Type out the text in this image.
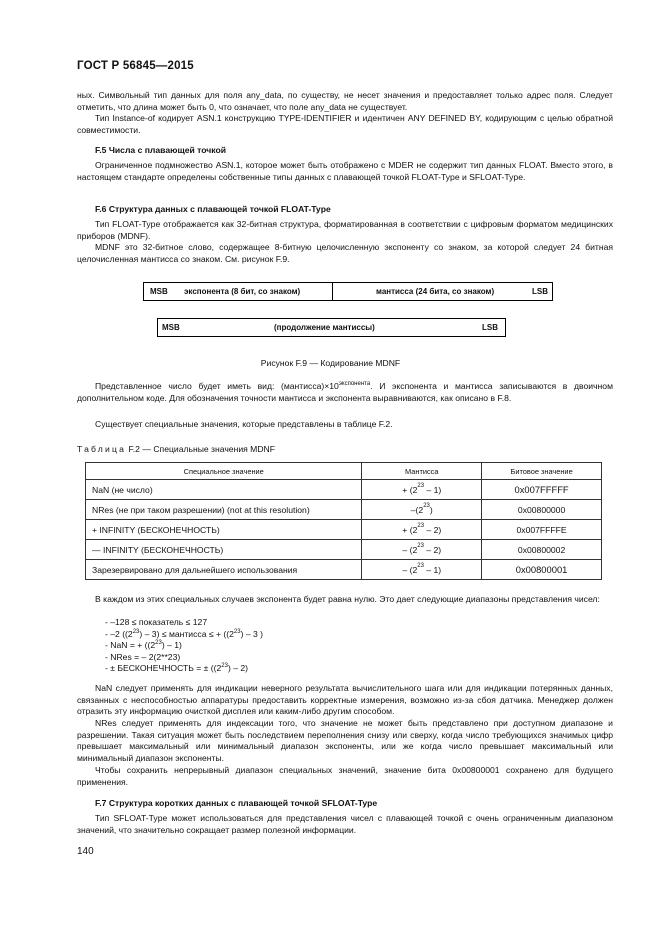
ГОСТ Р 56845—2015
ных. Символьный тип данных для поля any_data, по существу, не несет значения и предоставляет только адрес поля. Следует отметить, что длина может быть 0, что означает, что поле any_data не существует.
Тип Instance-of кодирует ASN.1 конструкцию TYPE-IDENTIFIER и идентичен ANY DEFINED BY, кодирующим с целью обратной совместимости.
F.5 Числа с плавающей точкой
Ограниченное подмножество ASN.1, которое может быть отображено с MDER не содержит тип данных FLOAT. Вместо этого, в настоящем стандарте определены собственные типы данных с плавающей точкой FLOAT-Type и SFLOAT-Type.
F.6 Структура данных с плавающей точкой FLOAT-Type
Тип FLOAT-Type отображается как 32-битная структура, форматированная в соответствии с цифровым форматом медицинских приборов (MDNF).
MDNF это 32-битное слово, содержащее 8-битную целочисленную экспоненту со знаком, за которой следует 24 битная целочисленная мантисса со знаком. См. рисунок F.9.
MSB экспонента (8 бит, со знаком)	мантисса (24 бита, со знаком)	LSB
MSB	(продолжение мантиссы)	LSB
Рисунок F.9 — Кодирование MDNF
Представленное число будет иметь вид: $(мантисса)\times 10^{экспонента}$. И экспонента и мантисса записываются в двоичном дополнительном коде. Для обозначения точности мантисса и экспонента выравниваются, как описано в F.8.
Существует специальные значения, которые представлены в таблице F.2.
Таблица F.2 — Специальные значения MDNF
Специальное значение	Мантисса	Битовое значение
NaN (не число)	+ $(2^{23} - 1)$	0x007FFFFF
NRes (не при таком разрешении) (not at this resolution)	$-(2^{23})$	0x00800000
+ INFINITY (БЕСКОНЕЧНОСТЬ)	+ $(2^{23} - 2)$	0x007FFFFE
— INFINITY (БЕСКОНЕЧНОСТЬ)	– $(2^{23} - 2)$	0x00800002
Зарезервировано для дальнейшего использования	– $(2^{23} - 1)$	0x00800001
В каждом из этих специальных случаев экспонента будет равна нулю. Это дает следующие диапазоны представления чисел:
- –128 ≤ показатель ≤ 127
- –2 $((2^{23}) - 3)$ ≤ мантисса ≤ + ($(2^{23}) - 3$ )
- NaN = + $((2^{23}) - 1)$
- NRes = – 2(2**23)
- ± БЕСКОНЕЧНОСТЬ = ± $((2^{23}) - 2)$
NaN следует применять для индикации неверного результата вычислительного шага или для индикации потерянных данных, связанных с неспособностью аппаратуры предоставить корректные измерения, возможно из-за сбоя датчика. Менеджер должен отразить эту информацию очисткой дисплея или каким-либо другим способом.
NRes следует применять для индексации того, что значение не может быть представлено при доступном диапазоне и разрешении. Такая ситуация может быть последствием переполнения снизу или сверху, когда число требующихся значимых цифр превышает максимальный или минимальный диапазон экспоненты, или же когда число превышает максимальный или минимальный диапазон экспоненты.
Чтобы сохранить непрерывный диапазон специальных значений, значение бита 0x00800001 сохранено для будущего применения.
F.7 Структура коротких данных с плавающей точкой SFLOAT-Type
Тип SFLOAT-Type может использоваться для представления чисел с плавающей точкой с очень ограниченным диапазоном значений, что значительно сокращает размер полезной информации.
140
